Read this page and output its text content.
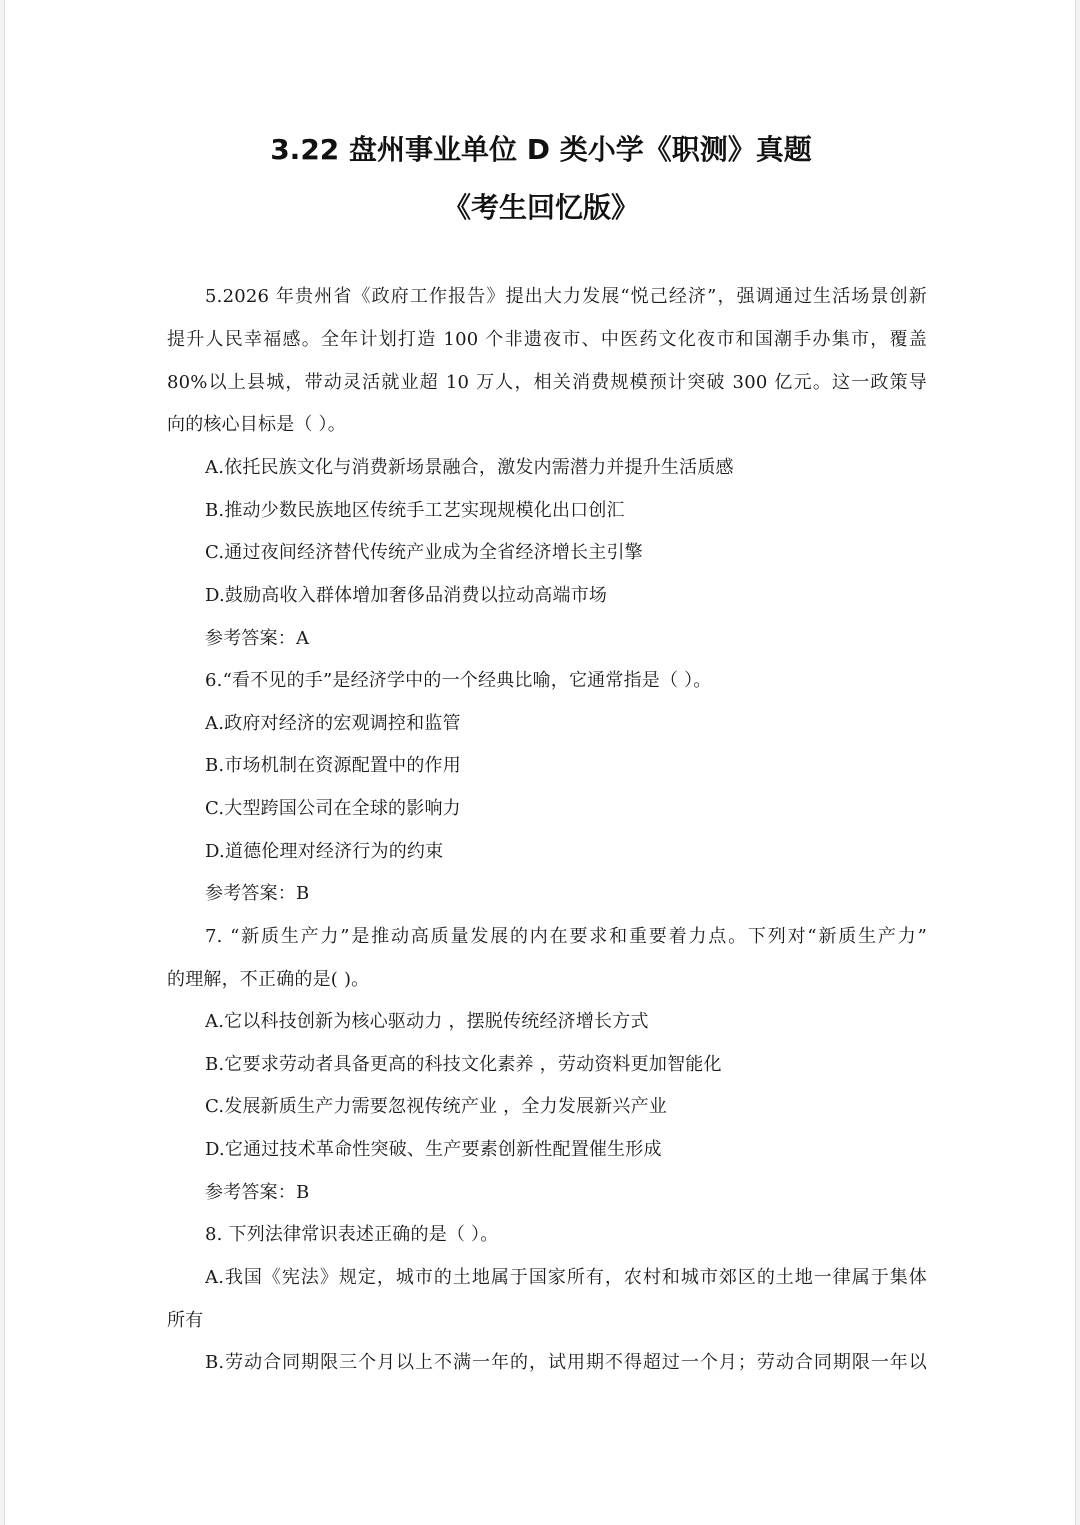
3.22 盘州事业单位 D 类小学《职测》真题
《考生回忆版》
5.2026 年贵州省《政府工作报告》提出大力发展“悦己经济”，强调通过生活场景创新
提升人民幸福感。全年计划打造 100 个非遗夜市、中医药文化夜市和国潮手办集市，覆盖
80%以上县城，带动灵活就业超 10 万人，相关消费规模预计突破 300 亿元。这一政策导
向的核心目标是（ ）。
A.依托民族文化与消费新场景融合，激发内需潜力并提升生活质感
B.推动少数民族地区传统手工艺实现规模化出口创汇
C.通过夜间经济替代传统产业成为全省经济增长主引擎
D.鼓励高收入群体增加奢侈品消费以拉动高端市场
参考答案：A
6.“看不见的手”是经济学中的一个经典比喻，它通常指是（ ）。
A.政府对经济的宏观调控和监管
B.市场机制在资源配置中的作用
C.大型跨国公司在全球的影响力
D.道德伦理对经济行为的约束
参考答案：B
7. “新质生产力”是推动高质量发展的内在要求和重要着力点。下列对“新质生产力”
的理解，不正确的是( )。
A.它以科技创新为核心驱动力 ，摆脱传统经济增长方式
B.它要求劳动者具备更高的科技文化素养 ，劳动资料更加智能化
C.发展新质生产力需要忽视传统产业 ，全力发展新兴产业
D.它通过技术革命性突破、生产要素创新性配置催生形成
参考答案：B
8. 下列法律常识表述正确的是（ ）。
A.我国《宪法》规定，城市的土地属于国家所有，农村和城市郊区的土地一律属于集体
所有
B.劳动合同期限三个月以上不满一年的，试用期不得超过一个月；劳动合同期限一年以
